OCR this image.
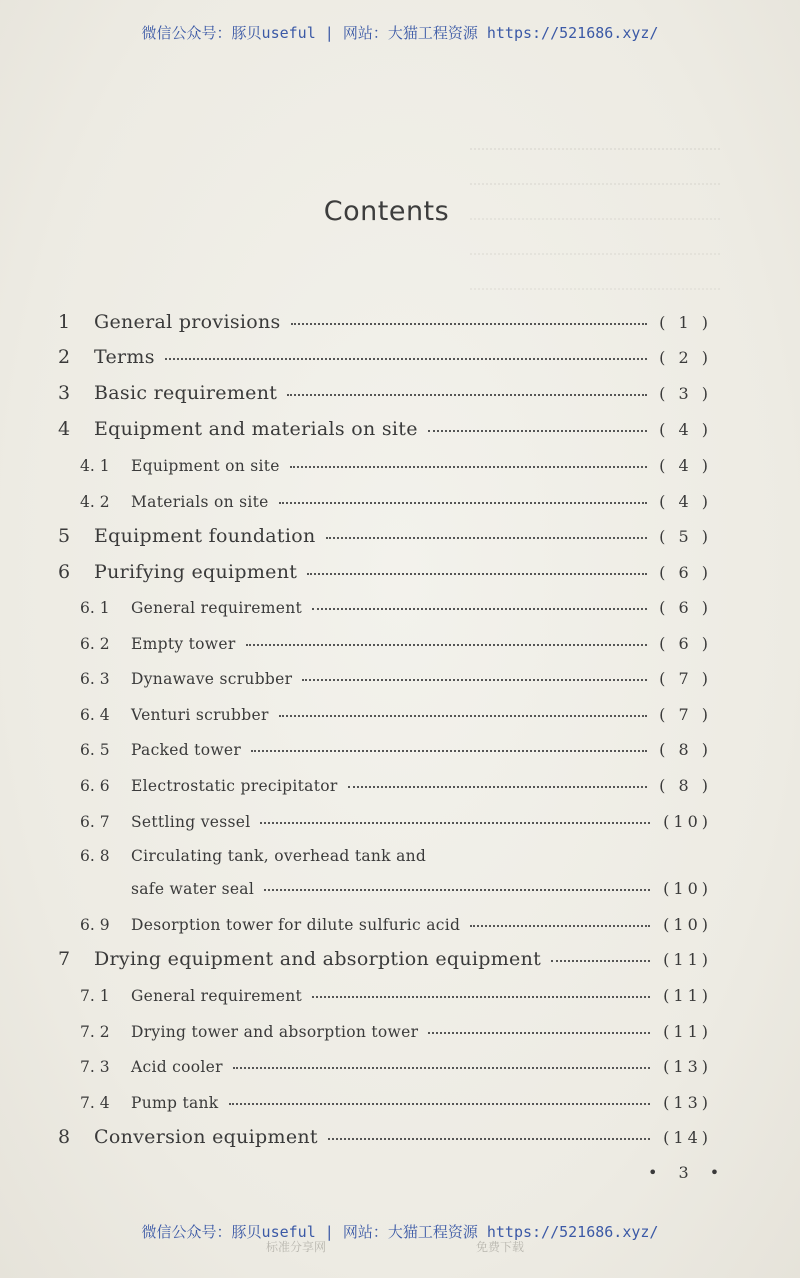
微信公众号：豚贝useful | 网站：大猫工程资源 https://521686.xyz/
Contents
1	General provisions	( 1 )
2	Terms	( 2 )
3	Basic requirement	( 3 )
4	Equipment and materials on site	( 4 )
4. 1	Equipment on site	( 4 )
4. 2	Materials on site	( 4 )
5	Equipment foundation	( 5 )
6	Purifying equipment	( 6 )
6. 1	General requirement	( 6 )
6. 2	Empty tower	( 6 )
6. 3	Dynawave scrubber	( 7 )
6. 4	Venturi scrubber	( 7 )
6. 5	Packed tower	( 8 )
6. 6	Electrostatic precipitator	( 8 )
6. 7	Settling vessel	(10)
6. 8	Circulating tank, overhead tank and
safe water seal	(10)
6. 9	Desorption tower for dilute sulfuric acid	(10)
7	Drying equipment and absorption equipment	(11)
7. 1	General requirement	(11)
7. 2	Drying tower and absorption tower	(11)
7. 3	Acid cooler	(13)
7. 4	Pump tank	(13)
8	Conversion equipment	(14)
• 3 •
微信公众号：豚贝useful | 网站：大猫工程资源 https://521686.xyz/
标准分享网	免费下载
